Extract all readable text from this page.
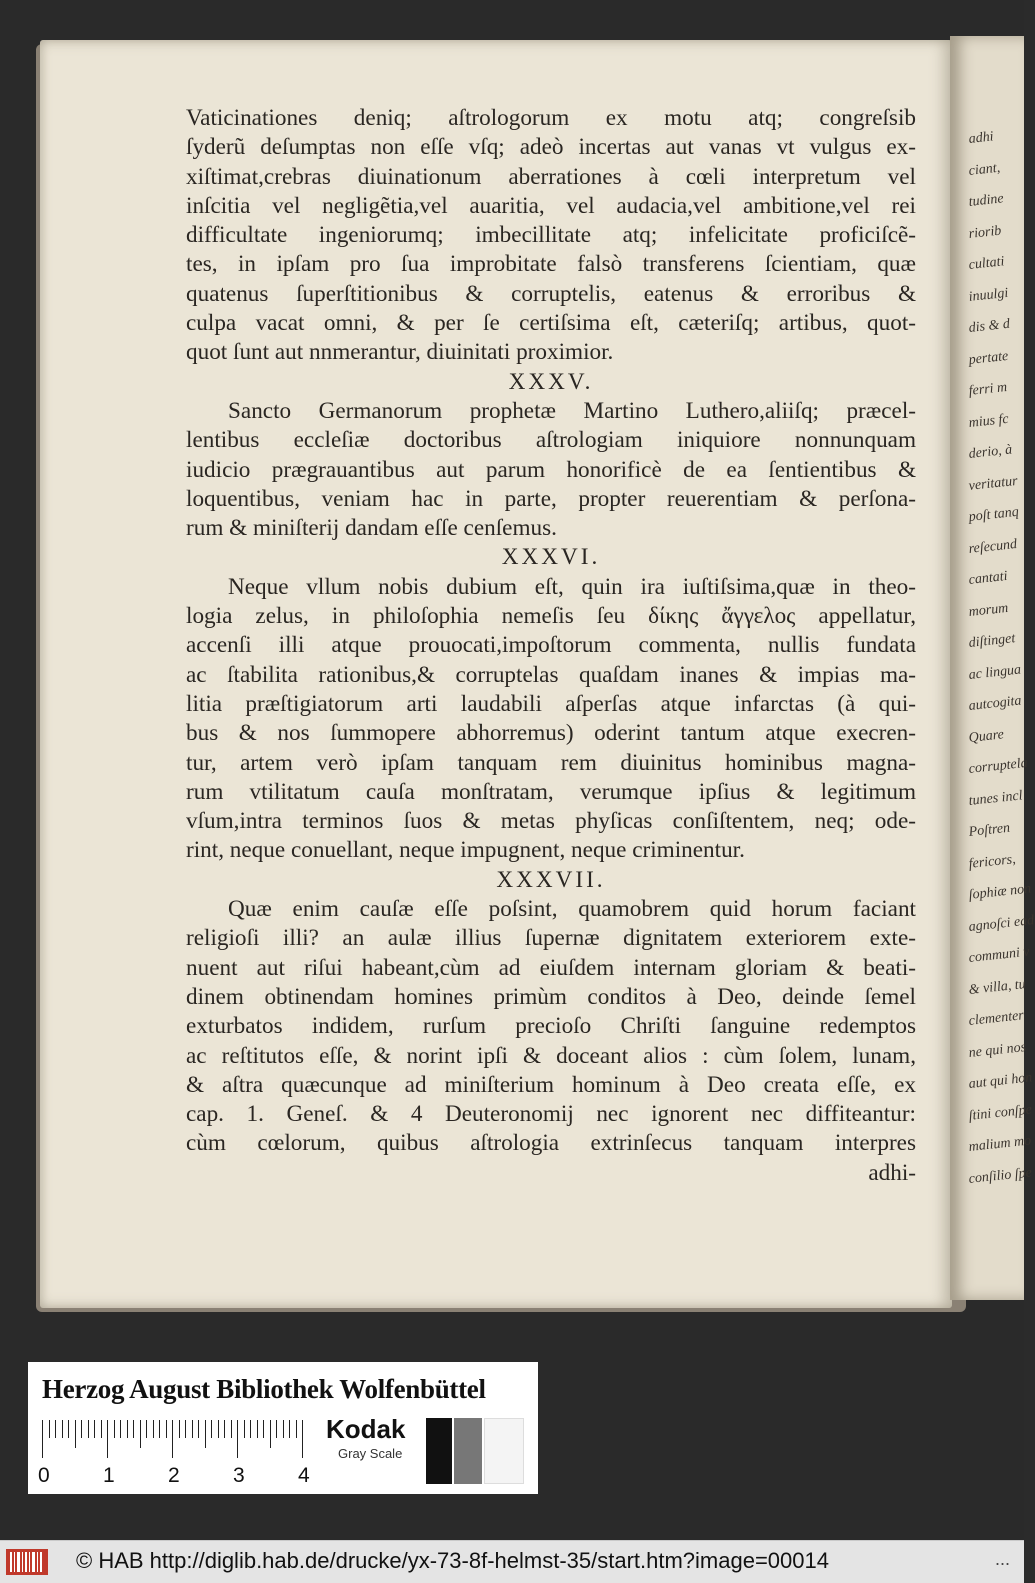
Vaticinationes deniq; aſtrologorum ex motu atq; congreſsib
ſyderũ deſumptas non eſſe vſq; adeò incertas aut vanas vt vulgus ex-
xiſtimat,crebras diuinationum aberrationes à cœli interpretum vel
inſcitia vel negligẽtia,vel auaritia, vel audacia,vel ambitione,vel rei
difficultate ingeniorumq; imbecillitate atq; infelicitate proficiſcẽ-
tes, in ipſam pro ſua improbitate falsò transferens ſcientiam, quæ
quatenus ſuperſtitionibus & corruptelis, eatenus & erroribus &
culpa vacat omni, & per ſe certiſsima eſt, cæteriſq; artibus, quot-
quot ſunt aut nnmerantur, diuinitati proximior.
XXXV.
Sancto Germanorum prophetæ Martino Luthero,aliiſq; præcel-
lentibus eccleſiæ doctoribus aſtrologiam iniquiore nonnunquam
iudicio prægrauantibus aut parum honorificè de ea ſentientibus &
loquentibus, veniam hac in parte, propter reuerentiam & perſona-
rum & miniſterij dandam eſſe cenſemus.
XXXVI.
Neque vllum nobis dubium eſt, quin ira iuſtiſsima,quæ in theo-
logia zelus, in philoſophia nemeſis ſeu δίκης ἄγγελος appellatur,
accenſi illi atque prouocati,impoſtorum commenta, nullis fundata
ac ſtabilita rationibus,& corruptelas quaſdam inanes & impias ma-
litia præſtigiatorum arti laudabili aſperſas atque infarctas (à qui-
bus & nos ſummopere abhorremus) oderint tantum atque execren-
tur, artem verò ipſam tanquam rem diuinitus hominibus magna-
rum vtilitatum cauſa monſtratam, verumque ipſius & legitimum
vſum,intra terminos ſuos & metas phyſicas conſiſtentem, neq; ode-
rint, neque conuellant, neque impugnent, neque criminentur.
XXXVII.
Quæ enim cauſæ eſſe poſsint, quamobrem quid horum faciant
religioſi illi? an aulæ illius ſupernæ dignitatem exteriorem exte-
nuent aut riſui habeant,cùm ad eiuſdem internam gloriam & beati-
dinem obtinendam homines primùm conditos à Deo, deinde ſemel
exturbatos indidem, rurſum precioſo Chriſti ſanguine redemptos
ac reſtitutos eſſe, & norint ipſi & doceant alios : cùm ſolem, lunam,
& aſtra quæcunque ad miniſterium hominum à Deo creata eſſe, ex
cap. 1. Geneſ. & 4 Deuteronomij nec ignorent nec diffiteantur:
cùm cœlorum, quibus aſtrologia extrinſecus tanquam interpres
adhi-
adhi
ciant,
tudine
riorib
cultati
inuulgi
dis & d
pertate
ferri m
mius fc
derio, à
veritatur
poſt tanq
reſecund
cantati
morum
diſtinget
ac lingua
autcogita
Quare
corruptela
tunes incl
Poſtren
fericors,
ſophiæ non
agnoſci ead
communi v
& villa, tu
clementer
ne qui nos
aut qui hon
ſtini conſpe
malium mo
conſilio ſpe
Herzog August Bibliothek Wolfenbüttel
0	1	2	3	4
Kodak
Gray Scale
© HAB http://diglib.hab.de/drucke/yx-73-8f-helmst-35/start.htm?image=00014	...
